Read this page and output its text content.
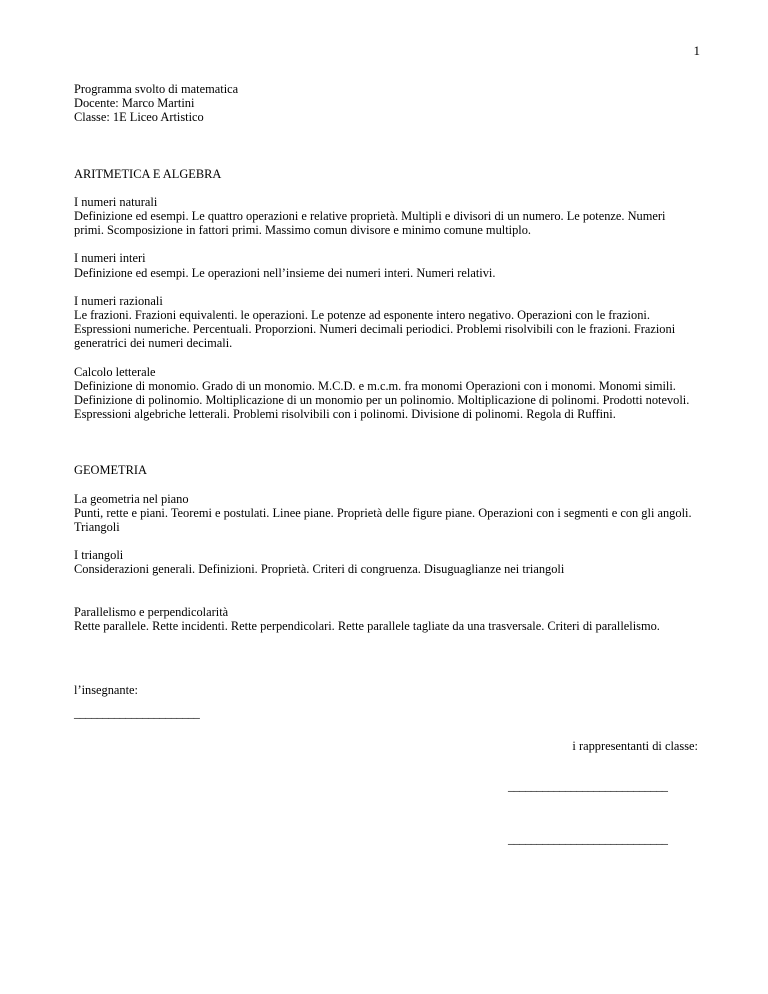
1
Programma svolto di matematica
Docente: Marco Martini
Classe: 1E Liceo Artistico
ARITMETICA E ALGEBRA
I numeri naturali
Definizione ed esempi. Le quattro operazioni e relative proprietà. Multipli e divisori di un numero. Le potenze. Numeri primi. Scomposizione in fattori primi. Massimo comun divisore e minimo comune multiplo.
I numeri interi
Definizione ed esempi. Le operazioni nell’insieme dei numeri interi. Numeri relativi.
I numeri razionali
Le frazioni. Frazioni equivalenti. le operazioni. Le potenze ad esponente intero negativo. Operazioni con le frazioni. Espressioni numeriche. Percentuali. Proporzioni. Numeri decimali periodici. Problemi risolvibili con le frazioni. Frazioni generatrici dei numeri decimali.
Calcolo letterale
Definizione di monomio. Grado di un monomio. M.C.D. e m.c.m. fra monomi Operazioni con i monomi. Monomi simili. Definizione di polinomio. Moltiplicazione di un monomio per un polinomio. Moltiplicazione di polinomi. Prodotti notevoli. Espressioni algebriche letterali. Problemi risolvibili con i polinomi. Divisione di polinomi. Regola di Ruffini.
GEOMETRIA
La geometria nel piano
Punti, rette e piani. Teoremi e postulati. Linee piane. Proprietà delle figure piane. Operazioni con i segmenti e con gli angoli. Triangoli
I triangoli
Considerazioni generali. Definizioni. Proprietà. Criteri di congruenza. Disuguaglianze nei triangoli
Parallelismo e perpendicolarità
Rette parallele. Rette incidenti. Rette perpendicolari. Rette parallele tagliate da una trasversale. Criteri di parallelismo.
l’insegnante:
______________________
i rappresentanti di classe:
____________________________
____________________________
